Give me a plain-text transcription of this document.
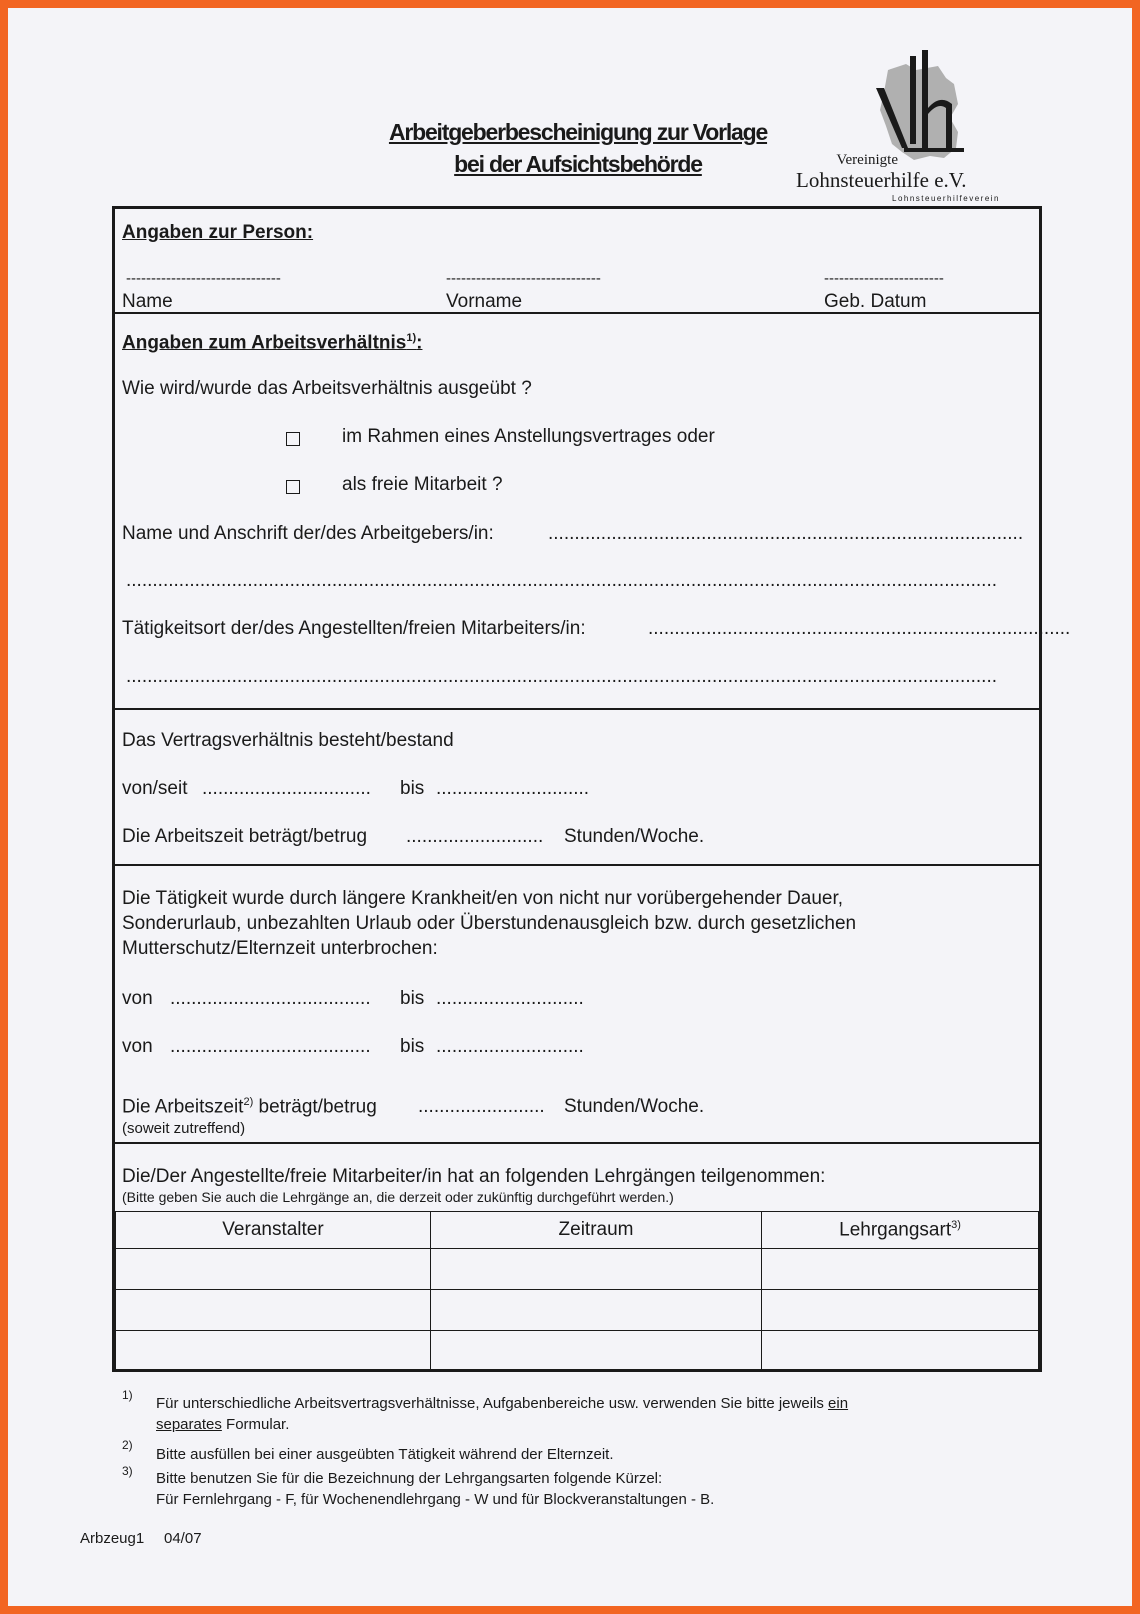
Arbeitgeberbescheinigung zur Vorlage
bei der Aufsichtsbehörde	Vereinigte
Lohnsteuerhilfe e.V.
Lohnsteuerhilfeverein
Angaben zur Person:
-------------------------------	-------------------------------	------------------------
Name	Vorname	Geb. Datum
Angaben zum Arbeitsverhältnis$^{1)}$:
Wie wird/wurde das Arbeitsverhältnis ausgeübt ?
im Rahmen eines Anstellungsvertrages oder
als freie Mitarbeit ?
Name und Anschrift der/des Arbeitgebers/in:	..........................................................................................
.....................................................................................................................................................................
Tätigkeitsort der/des Angestellten/freien Mitarbeiters/in:	................................................................................
.....................................................................................................................................................................
Das Vertragsverhältnis besteht/bestand
von/seit ................................ bis .............................
Die Arbeitszeit beträgt/betrug .......................... Stunden/Woche.
Die Tätigkeit wurde durch längere Krankheit/en von nicht nur vorübergehender Dauer,
Sonderurlaub, unbezahlten Urlaub oder Überstundenausgleich bzw. durch gesetzlichen
Mutterschutz/Elternzeit unterbrochen:
von ...................................... bis ............................
von ...................................... bis ............................
Die Arbeitszeit$^{2)}$ beträgt/betrug ........................ Stunden/Woche.
(soweit zutreffend)
Die/Der Angestellte/freie Mitarbeiter/in hat an folgenden Lehrgängen teilgenommen:
(Bitte geben Sie auch die Lehrgänge an, die derzeit oder zukünftig durchgeführt werden.)
Veranstalter	Zeitraum	Lehrgangsart$^{3)}$

1) Für unterschiedliche Arbeitsvertragsverhältnisse, Aufgabenbereiche usw. verwenden Sie bitte jeweils ein
separates Formular.
2)
Bitte ausfüllen bei einer ausgeübten Tätigkeit während der Elternzeit.
3) Bitte benutzen Sie für die Bezeichnung der Lehrgangsarten folgende Kürzel:
Für Fernlehrgang - F, für Wochenendlehrgang - W und für Blockveranstaltungen - B.
Arbzeug1 04/07
